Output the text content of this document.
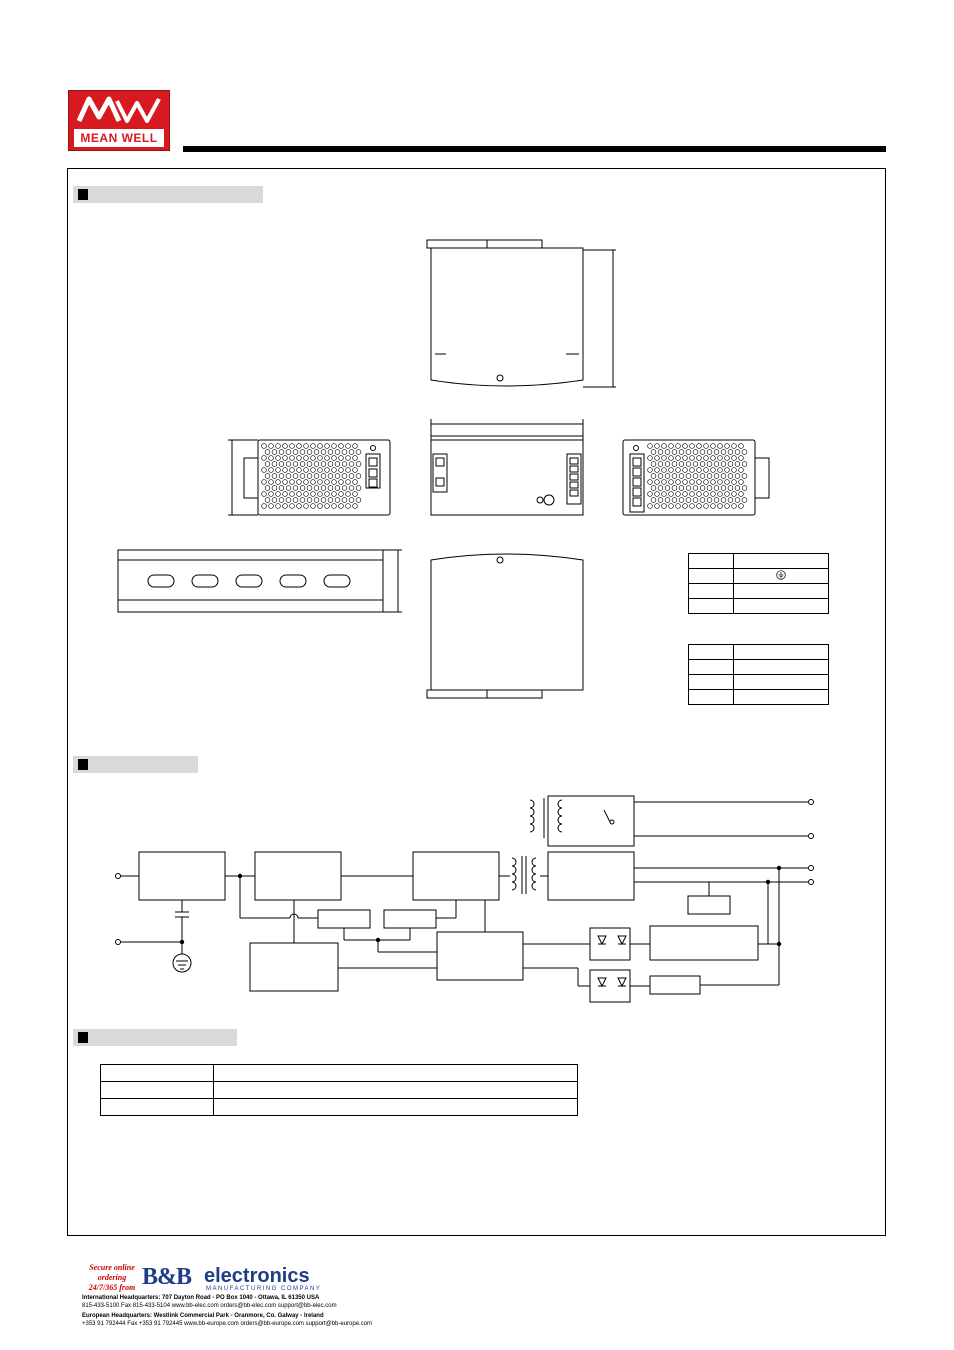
MEAN WELL

Secure online
ordering
24/7/365 from B&B electronics
MANUFACTURING COMPANY
International Headquarters: 707 Dayton Road - PO Box 1040 - Ottawa, IL 61350 USA
815-433-5100 Fax 815-433-5104 www.bb-elec.com orders@bb-elec.com support@bb-elec.com
European Headquarters: Westlink Commercial Park - Oranmore, Co. Galway - Ireland
+353 91 792444 Fax +353 91 792445 www.bb-europe.com orders@bb-europe.com support@bb-europe.com
